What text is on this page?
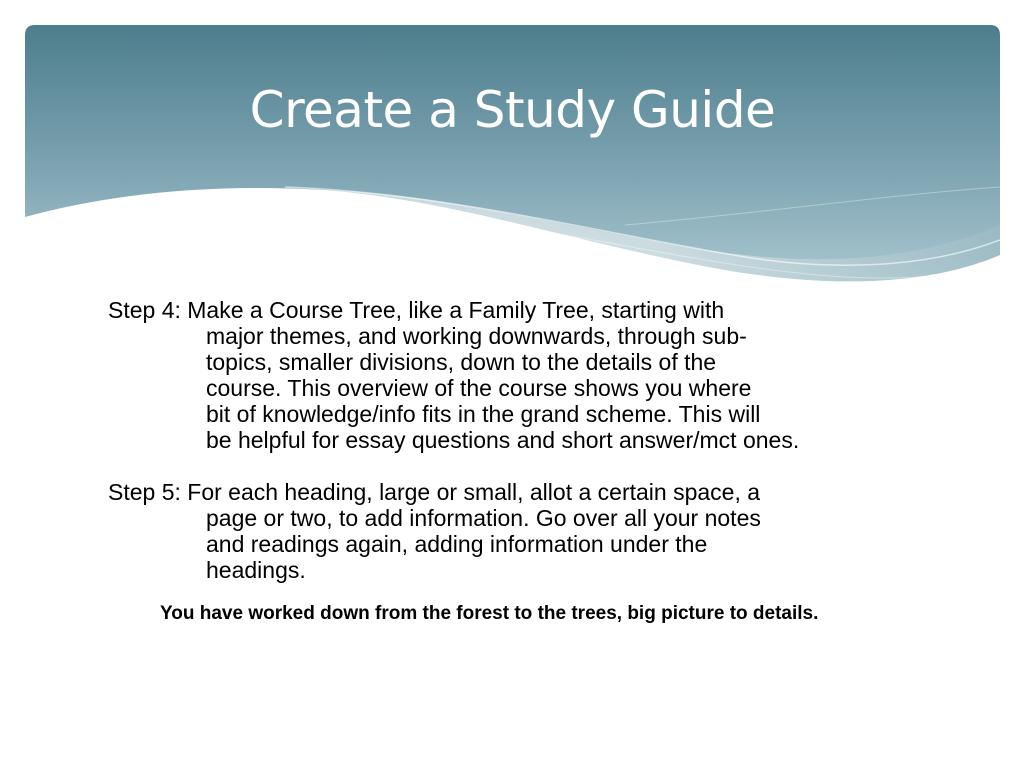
Create a Study Guide

Step 4: Make a Course Tree, like a Family Tree, starting with
major themes, and working downwards, through sub-
topics, smaller divisions, down to the details of the
course. This overview of the course shows you where
bit of knowledge/info fits in the grand scheme. This will
be helpful for essay questions and short answer/mct ones.

Step 5: For each heading, large or small, allot a certain space, a
page or two, to add information. Go over all your notes
and readings again, adding information under the
headings.

You have worked down from the forest to the trees, big picture to details.
